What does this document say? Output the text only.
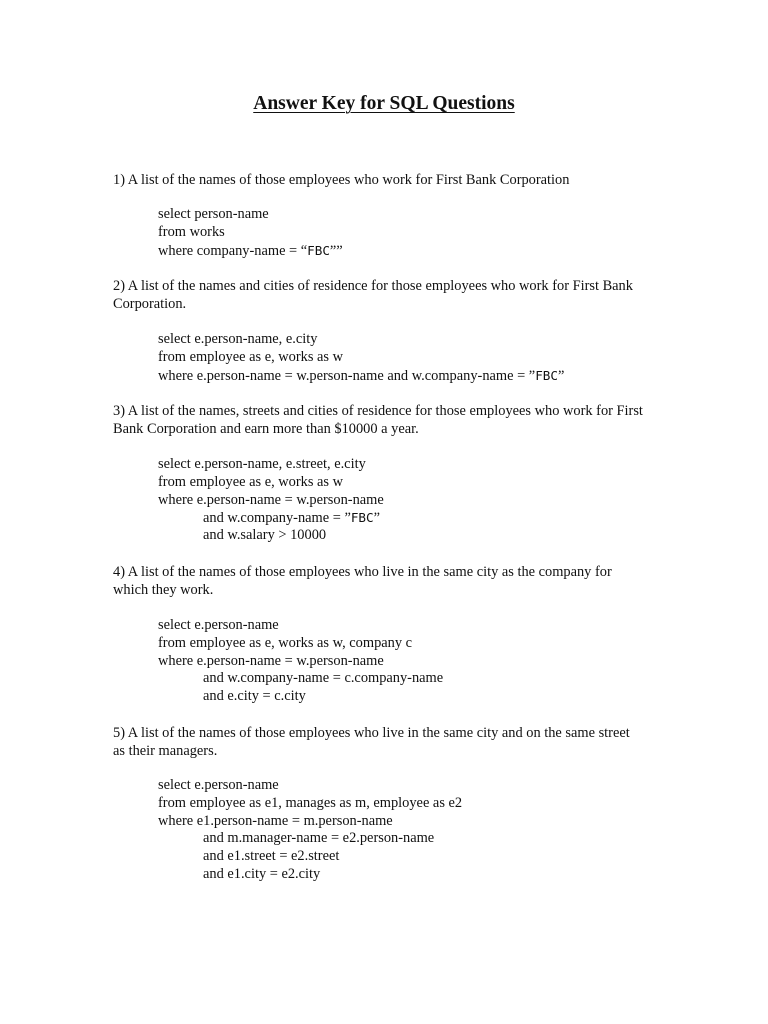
Answer Key for SQL Questions
1) A list of the names of those employees who work for First Bank Corporation
select person-name
from works
where company-name = “FBC””
2) A list of the names and cities of residence for those employees who work for First Bank Corporation.
select e.person-name, e.city
from employee as e, works as w
where e.person-name = w.person-name and w.company-name = ”FBC”
3) A list of the names, streets and cities of residence for those employees who work for First Bank Corporation and earn more than $10000 a year.
select e.person-name, e.street, e.city
from employee as e, works as w
where e.person-name = w.person-name
and w.company-name = ”FBC”
and w.salary > 10000
4) A list of the names of those employees who live in the same city as the company for which they work.
select e.person-name
from employee as e, works as w, company c
where e.person-name = w.person-name
and w.company-name = c.company-name
and e.city = c.city
5) A list of the names of those employees who live in the same city and on the same street as their managers.
select e.person-name
from employee as e1, manages as m, employee as e2
where e1.person-name = m.person-name
and m.manager-name = e2.person-name
and e1.street = e2.street
and e1.city = e2.city
